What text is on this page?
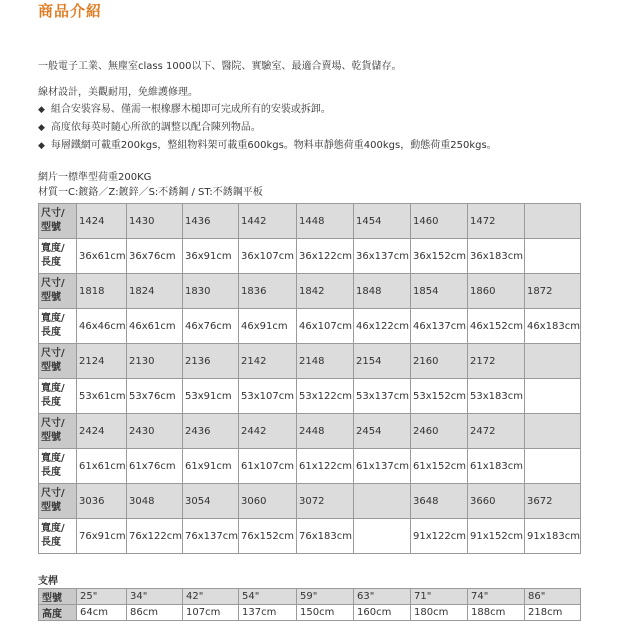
商品介紹
一般電子工業、無塵室class 1000以下、醫院、實驗室、最適合賣場、乾貨儲存。
線材設計，美觀耐用，免維護修理。
◆ 組合安裝容易、僅需一根橡膠木槌即可完成所有的安裝或拆卸。
◆ 高度依每英吋隨心所欲的調整以配合陳列物品。
◆ 每層鐵網可載重200kgs，整組物料架可載重600kgs。物料車靜態荷重400kgs，動態荷重250kgs。
網片一標準型荷重200KG
材質一C:鍍鉻／Z:鍍鋅／S:不銹鋼 / ST:不銹鋼平板
尺寸/
型號	1424	1430	1436	1442	1448	1454	1460	1472	

寬度/
長度	36x61cm	36x76cm	36x91cm	36x107cm	36x122cm	36x137cm	36x152cm	36x183cm	

尺寸/
型號	1818	1824	1830	1836	1842	1848	1854	1860	1872

寬度/
長度	46x46cm	46x61cm	46x76cm	46x91cm	46x107cm	46x122cm	46x137cm	46x152cm	46x183cm

尺寸/
型號	2124	2130	2136	2142	2148	2154	2160	2172	

寬度/
長度	53x61cm	53x76cm	53x91cm	53x107cm	53x122cm	53x137cm	53x152cm	53x183cm	

尺寸/
型號	2424	2430	2436	2442	2448	2454	2460	2472	

寬度/
長度	61x61cm	61x76cm	61x91cm	61x107cm	61x122cm	61x137cm	61x152cm	61x183cm	

尺寸/
型號	3036	3048	3054	3060	3072		3648	3660	3672

寬度/
長度	76x91cm	76x122cm	76x137cm	76x152cm	76x183cm		91x122cm	91x152cm	91x183cm
支桿
型號	25"	34"	42"	54"	59"	63"	71"	74"	86"
高度	64cm	86cm	107cm	137cm	150cm	160cm	180cm	188cm	218cm
